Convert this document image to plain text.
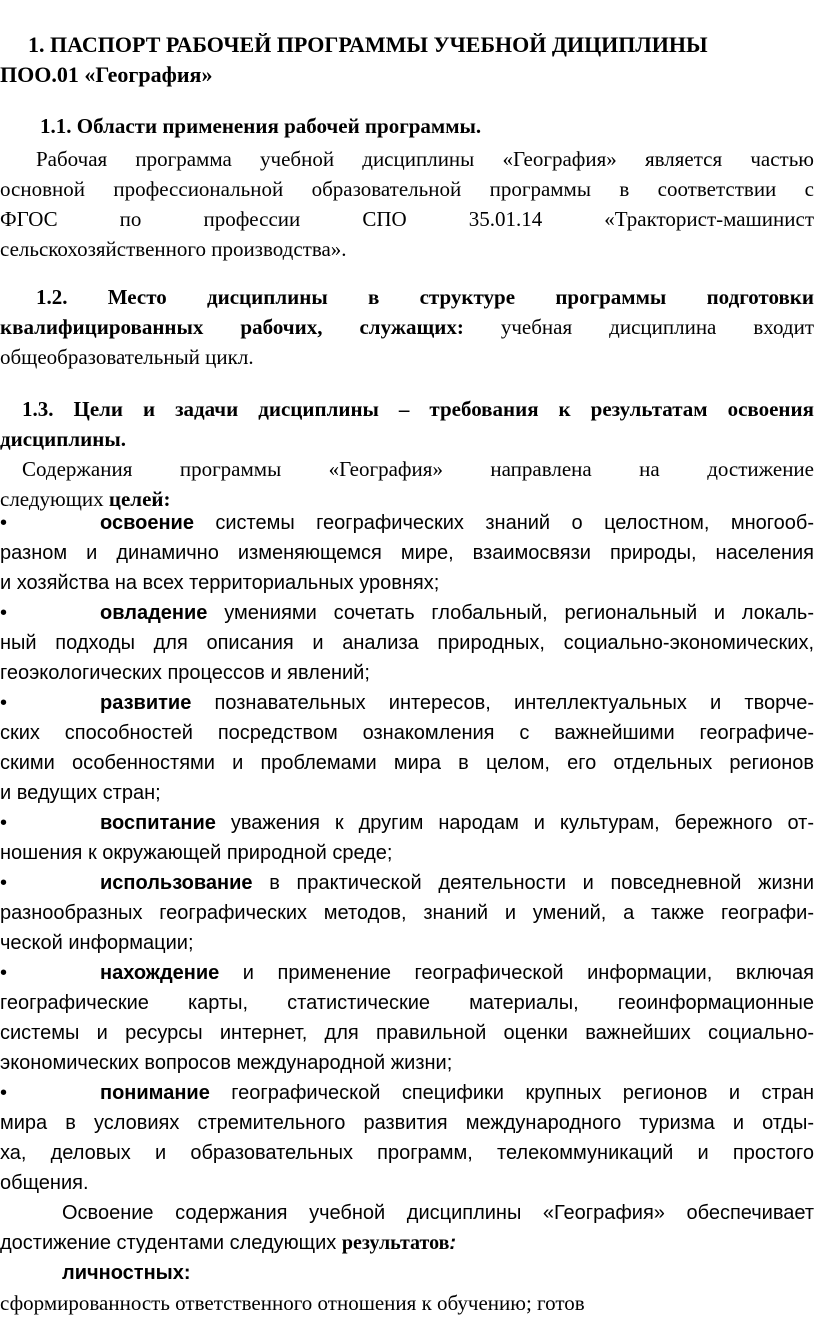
1. ПАСПОРТ РАБОЧЕЙ ПРОГРАММЫ УЧЕБНОЙ ДИЦИПЛИНЫ
ПОО.01 «География»

1.1. Области применения рабочей программы.

Рабочая программа учебной дисциплины «География» является частью
основной профессиональной образовательной программы в соответствии с
ФГОС по профессии СПО 35.01.14 «Тракторист-машинист
сельскохозяйственного производства».
1.2. Место дисциплины в структуре программы подготовки
квалифицированных рабочих, служащих: учебная дисциплина входит
общеобразовательный цикл.
1.3. Цели и задачи дисциплины – требования к результатам освоения
дисциплины.
Содержания программы «География» направлена на достижение
следующих целей:
•	освоение системы географических знаний о целостном, многооб-
разном и динамично изменяющемся мире, взаимосвязи природы, населения
и хозяйства на всех территориальных уровнях;
•	овладение умениями сочетать глобальный, региональный и локаль-
ный подходы для описания и анализа природных, социально-экономических,
геоэкологических процессов и явлений;
•	развитие познавательных интересов, интеллектуальных и творче-
ских способностей посредством ознакомления с важнейшими географиче-
скими особенностями и проблемами мира в целом, его отдельных регионов
и ведущих стран;
•	воспитание уважения к другим народам и культурам, бережного от-
ношения к окружающей природной среде;
•	использование в практической деятельности и повседневной жизни
разнообразных географических методов, знаний и умений, а также географи-
ческой информации;
•	нахождение и применение географической информации, включая
географические карты, статистические материалы, геоинформационные
системы и ресурсы интернет, для правильной оценки важнейших социально-
экономических вопросов международной жизни;
•	понимание географической специфики крупных регионов и стран
мира в условиях стремительного развития международного туризма и отды-
ха, деловых и образовательных программ, телекоммуникаций и простого
общения.
Освоение содержания учебной дисциплины «География» обеспечивает
достижение студентами следующих результатов:
личностных:
сформированность ответственного отношения к обучению; готов
